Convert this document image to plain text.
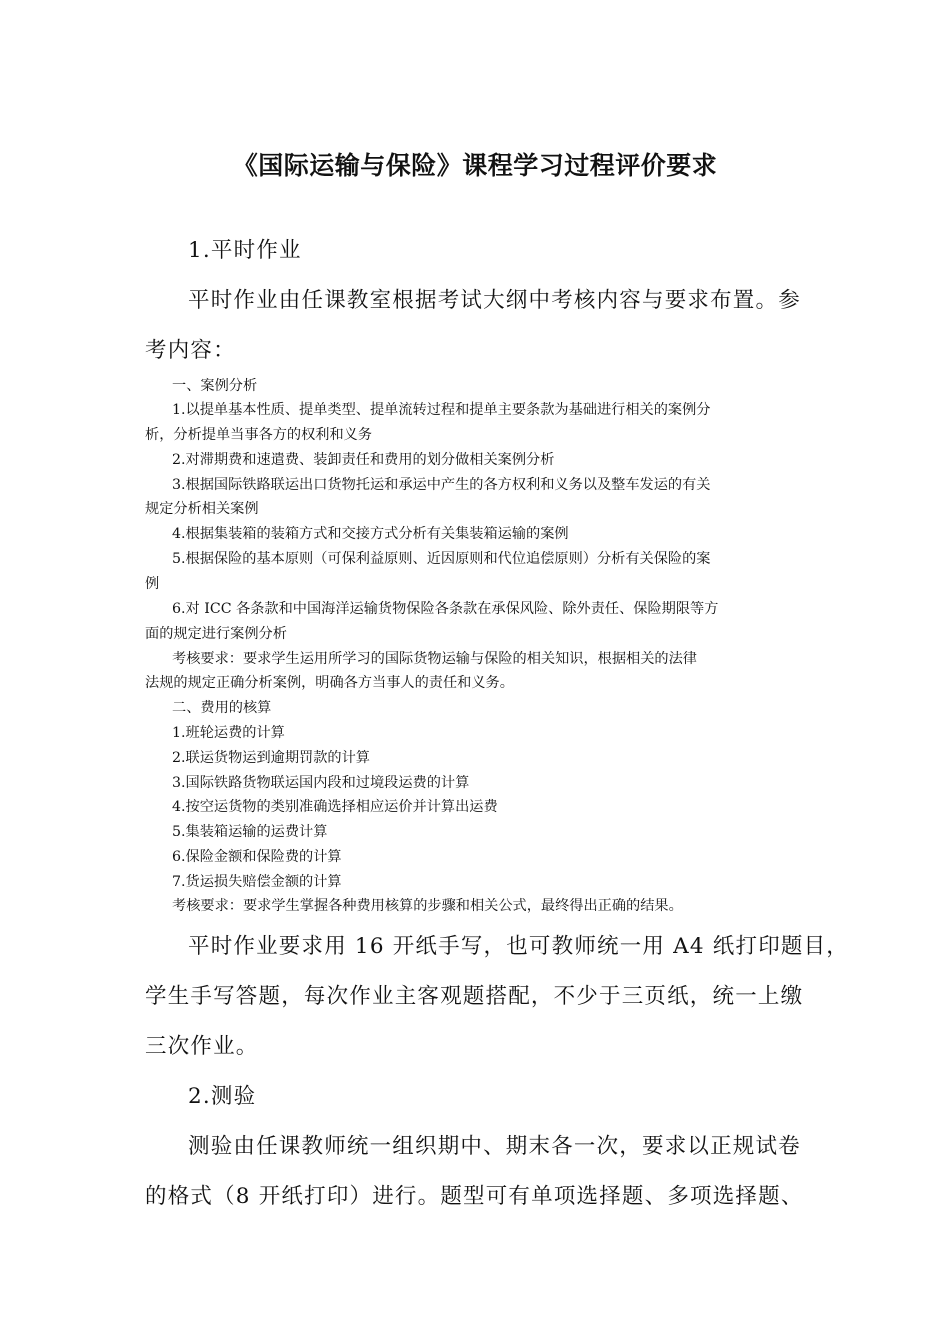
《国际运输与保险》课程学习过程评价要求
1.平时作业
平时作业由任课教室根据考试大纲中考核内容与要求布置。参
考内容：
一、案例分析
1.以提单基本性质、提单类型、提单流转过程和提单主要条款为基础进行相关的案例分
析，分析提单当事各方的权利和义务
2.对滞期费和速遣费、装卸责任和费用的划分做相关案例分析
3.根据国际铁路联运出口货物托运和承运中产生的各方权利和义务以及整车发运的有关
规定分析相关案例
4.根据集装箱的装箱方式和交接方式分析有关集装箱运输的案例
5.根据保险的基本原则（可保利益原则、近因原则和代位追偿原则）分析有关保险的案
例
6.对 ICC 各条款和中国海洋运输货物保险各条款在承保风险、除外责任、保险期限等方
面的规定进行案例分析
考核要求：要求学生运用所学习的国际货物运输与保险的相关知识，根据相关的法律
法规的规定正确分析案例，明确各方当事人的责任和义务。
二、费用的核算
1.班轮运费的计算
2.联运货物运到逾期罚款的计算
3.国际铁路货物联运国内段和过境段运费的计算
4.按空运货物的类别准确选择相应运价并计算出运费
5.集装箱运输的运费计算
6.保险金额和保险费的计算
7.货运损失赔偿金额的计算
考核要求：要求学生掌握各种费用核算的步骤和相关公式，最终得出正确的结果。
平时作业要求用 16 开纸手写，也可教师统一用 A4 纸打印题目，
学生手写答题，每次作业主客观题搭配，不少于三页纸，统一上缴
三次作业。
2.测验
测验由任课教师统一组织期中、期末各一次，要求以正规试卷
的格式（8 开纸打印）进行。题型可有单项选择题、多项选择题、
